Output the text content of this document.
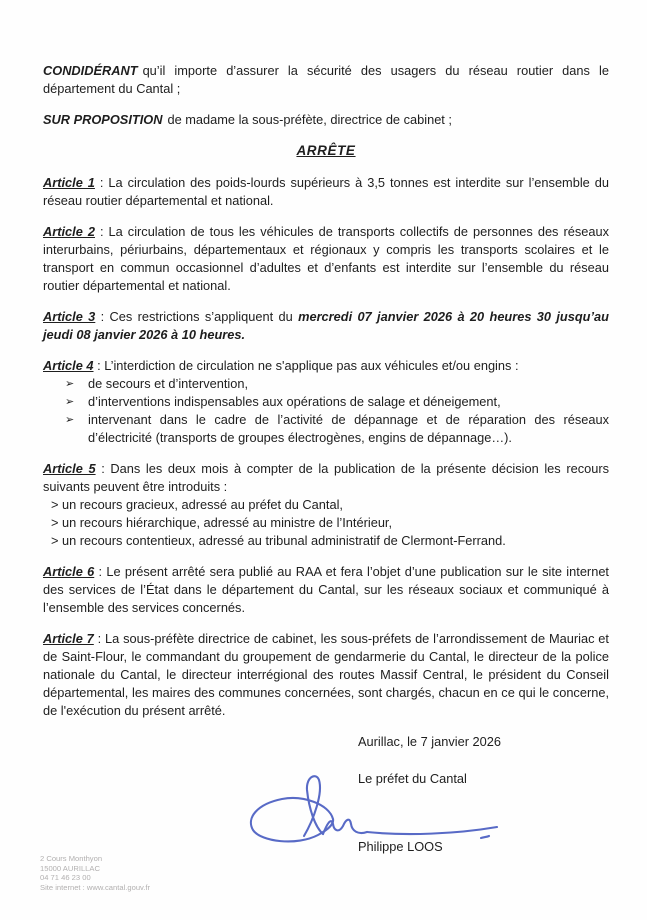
CONDIDÉRANT qu’il importe d’assurer la sécurité des usagers du réseau routier dans le département du Cantal ;

SUR PROPOSITION de madame la sous-préfète, directrice de cabinet ;

ARRÊTE

Article 1 : La circulation des poids-lourds supérieurs à 3,5 tonnes est interdite sur l’ensemble du réseau routier départemental et national.

Article 2 : La circulation de tous les véhicules de transports collectifs de personnes des réseaux interurbains, périurbains, départementaux et régionaux y compris les transports scolaires et le transport en commun occasionnel d’adultes et d’enfants est interdite sur l’ensemble du réseau routier départemental et national.

Article 3 : Ces restrictions s’appliquent du mercredi 07 janvier 2026 à 20 heures 30 jusqu’au jeudi 08 janvier 2026 à 10 heures.

Article 4 : L’interdiction de circulation ne s'applique pas aux véhicules et/ou engins :

➢ de secours et d’intervention,
➢ d’interventions indispensables aux opérations de salage et déneigement,
➢ intervenant dans le cadre de l’activité de dépannage et de réparation des réseaux d’électricité (transports de groupes électrogènes, engins de dépannage…).

Article 5 : Dans les deux mois à compter de la publication de la présente décision les recours suivants peuvent être introduits :

> un recours gracieux, adressé au préfet du Cantal,
> un recours hiérarchique, adressé au ministre de l’Intérieur,
> un recours contentieux, adressé au tribunal administratif de Clermont-Ferrand.

Article 6 : Le présent arrêté sera publié au RAA et fera l’objet d’une publication sur le site internet des services de l’État dans le département du Cantal, sur les réseaux sociaux et communiqué à l’ensemble des services concernés.

Article 7 : La sous-préfète directrice de cabinet, les sous-préfets de l’arrondissement de Mauriac et de Saint-Flour, le commandant du groupement de gendarmerie du Cantal, le directeur de la police nationale du Cantal, le directeur interrégional des routes Massif Central, le président du Conseil départemental, les maires des communes concernées, sont chargés, chacun en ce qui le concerne, de l'exécution du présent arrêté.

Aurillac, le 7 janvier 2026
Le préfet du Cantal
Philippe LOOS
2 Cours Monthyon
15000 AURILLAC
04 71 46 23 00
Site internet : www.cantal.gouv.fr
